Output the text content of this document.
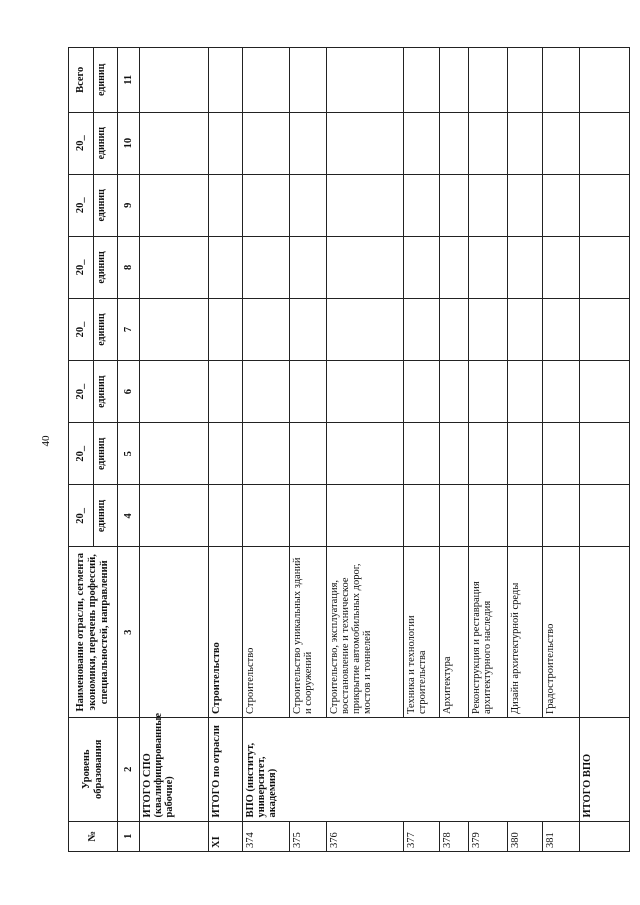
40
№	Уровень образования	Наименование отрасли, сегмента экономики, перечень профессий, специальностей, направлений	20_	20_	20_	20_	20_	20_	20_	Всего
			единиц	единиц	единиц	единиц	единиц	единиц	единиц	единиц
1	2	3	4	5	6	7	8	9	10	11
	ИТОГО СПО (квалифицированные рабочие)									
XI	ИТОГО по отрасли	Строительство								
374	ВПО (институт, университет, академия)	Строительство								
375		Строительство уникальных зданий и сооружений								
376		Строительство, эксплуатация, восстановление и техническое прикрытие автомобильных дорог, мостов и тоннелей								
377		Техника и технологии строительства								
378		Архитектура								
379		Реконструкция и реставрация архитектурного наследия								
380		Дизайн архитектурной среды								
381		Градостроительство								
	ИТОГО ВПО									
